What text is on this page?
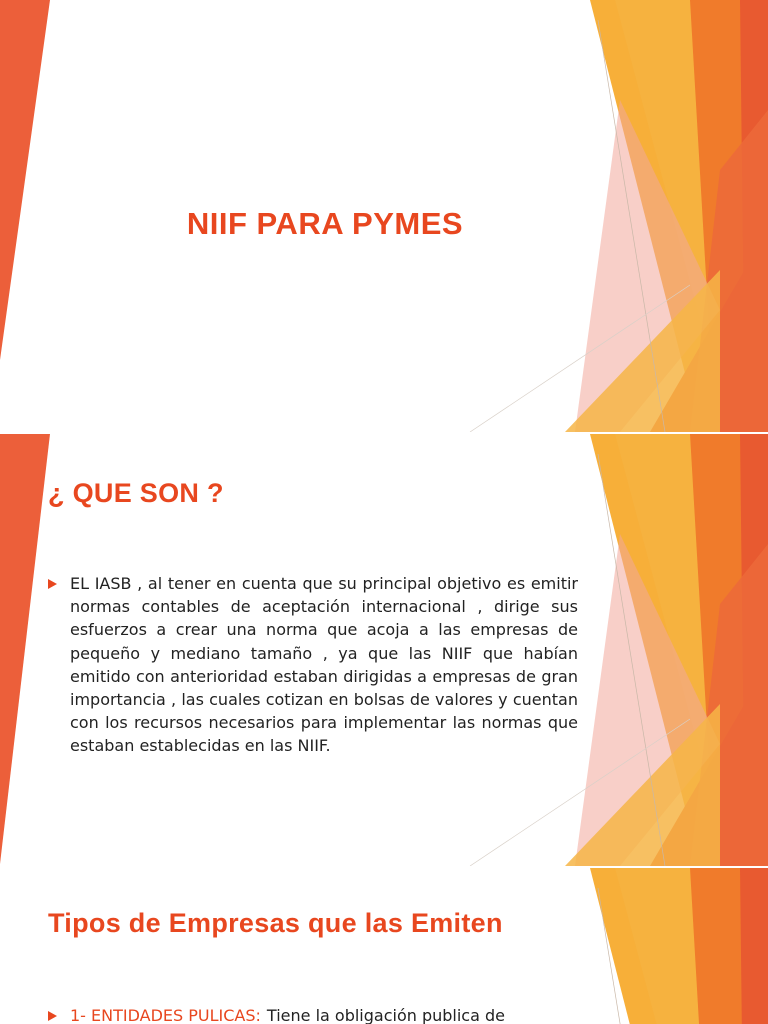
NIIF PARA PYMES
¿ QUE SON ?

EL IASB , al tener en cuenta que su principal objetivo es emitir normas contables de aceptación internacional , dirige sus esfuerzos a crear una norma que acoja a las empresas de pequeño y mediano tamaño , ya que las NIIF que habían emitido con anterioridad estaban dirigidas a empresas de gran importancia , las cuales cotizan en bolsas de valores y cuentan con los recursos necesarios para implementar las normas que estaban establecidas en las NIIF.

Tipos de Empresas que las Emiten

1- ENTIDADES PULICAS: Tiene la obligación publica de
